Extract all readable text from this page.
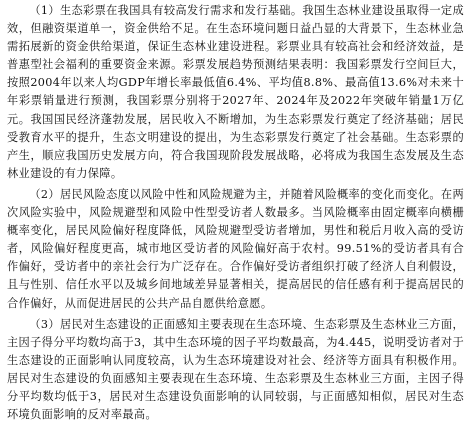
（1）生态彩票在我国具有较高发行需求和发行基础。我国生态林业建设虽取得一定成效，但融资渠道单一，资金供给不足。在生态环境问题日益凸显的大背景下，生态林业急需拓展新的资金供给渠道，保证生态林业建设进程。彩票业具有较高社会和经济效益，是普惠型社会福利的重要资金来源。彩票发展趋势预测结果表明：我国彩票发行空间巨大，按照2004年以来人均GDP年增长率最低值6.4%、平均值8.8%、最高值13.6%对未来十年彩票销量进行预测，我国彩票分别将于2027年、2024年及2022年突破年销量1万亿元。我国国民经济蓬勃发展，居民收入不断增加，为生态彩票发行奠定了经济基础；居民受教育水平的提升，生态文明建设的提出，为生态彩票发行奠定了社会基础。生态彩票的产生，顺应我国历史发展方向，符合我国现阶段发展战略，必将成为我国生态发展及生态林业建设的有力保障。

（2）居民风险态度以风险中性和风险规避为主，并随着风险概率的变化而变化。在两次风险实验中，风险规避型和风险中性型受访者人数最多。当风险概率由固定概率向横栅概率变化，居民风险偏好程度降低，风险规避型受访者增加，男性和税后月收入高的受访者，风险偏好程度更高，城市地区受访者的风险偏好高于农村。99.51%的受访者具有合作偏好，受访者中的亲社会行为广泛存在。合作偏好受访者组织打破了经济人自利假设，且与性别、信任水平以及城乡间地域差异显著相关，提高居民的信任感有利于提高居民的合作偏好，从而促进居民的公共产品自愿供给意愿。

（3）居民对生态建设的正面感知主要表现在生态环境、生态彩票及生态林业三方面，主因子得分平均数均高于3，其中生态环境的因子平均数最高，为4.445，说明受访者对于生态建设的正面影响认同度较高，认为生态环境建设对社会、经济等方面具有积极作用。居民对生态建设的负面感知主要表现在生态环境、生态彩票及生态林业三方面，主因子得分平均数均低于3，居民对生态建设负面影响的认同较弱，与正面感知相似，居民对生态环境负面影响的反对率最高。
